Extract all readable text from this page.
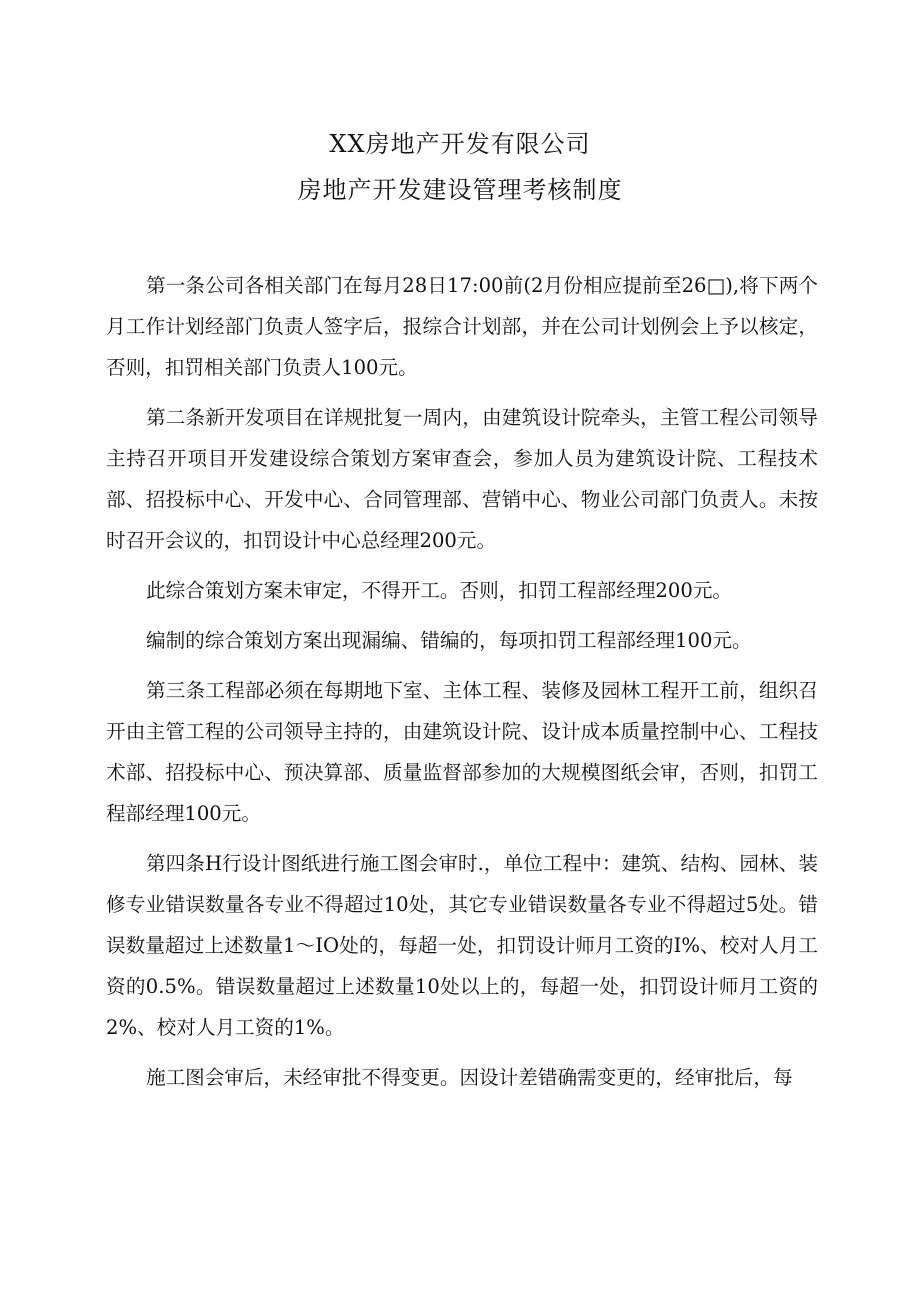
XX房地产开发有限公司
房地产开发建设管理考核制度

第一条公司各相关部门在每月28日17:00前(2月份相应提前至26□),将下两个月工作计划经部门负责人签字后，报综合计划部，并在公司计划例会上予以核定，否则，扣罚相关部门负责人100元。

第二条新开发项目在详规批复一周内，由建筑设计院牵头，主管工程公司领导主持召开项目开发建设综合策划方案审查会，参加人员为建筑设计院、工程技术部、招投标中心、开发中心、合同管理部、营销中心、物业公司部门负责人。未按时召开会议的，扣罚设计中心总经理200元。

此综合策划方案未审定，不得开工。否则，扣罚工程部经理200元。

编制的综合策划方案出现漏编、错编的，每项扣罚工程部经理100元。

第三条工程部必须在每期地下室、主体工程、装修及园林工程开工前，组织召开由主管工程的公司领导主持的，由建筑设计院、设计成本质量控制中心、工程技术部、招投标中心、预决算部、质量监督部参加的大规模图纸会审，否则，扣罚工程部经理100元。

第四条H行设计图纸进行施工图会审时.，单位工程中：建筑、结构、园林、装修专业错误数量各专业不得超过10处，其它专业错误数量各专业不得超过5处。错误数量超过上述数量1〜IO处的，每超一处，扣罚设计师月工资的I%、校对人月工资的0.5%。错误数量超过上述数量10处以上的，每超一处，扣罚设计师月工资的2%、校对人月工资的1%。

施工图会审后，未经审批不得变更。因设计差错确需变更的，经审批后，每
